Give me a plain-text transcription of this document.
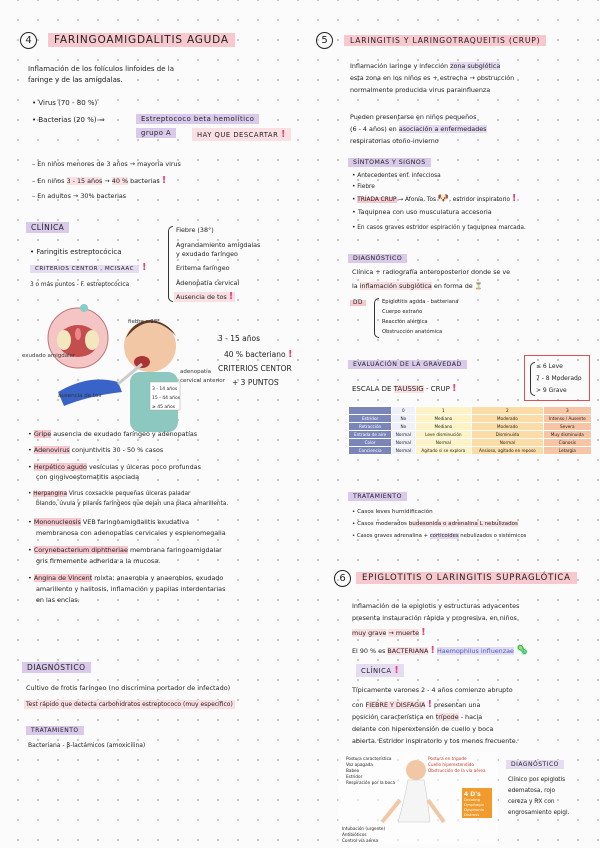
4	FARINGOAMIGDALITIS AGUDA
Inflamación de los folículos linfoides de la
faringe y de las amígdalas.
• Virus (70 - 80 %)
• Bacterias (20 %) ⇒	Estreptococo beta hemolítico
grupo A	HAY QUE DESCARTAR !
– En niños menores de 3 años → mayoría virus
– En niños 3 - 15 años → 40 % bacterias !
– En adultos → 30% bacterias
CLÍNICA
• Faringitis estreptocócica
CRITERIOS CENTOR , MCISAAC !
3 o más puntos - F. estreptocócica
Fiebre (38°)
Agrandamiento amígdalas
y exudado faríngeo
Eritema faríngeo
Adenopatía cervical
Ausencia de tos !
fiebre >38°
exudado amigdalar
adenopatía cervical anterior
ausencia de tos
3 - 14 años
15 - 44 años
≥ 45 años
3 - 15 años
40 % bacteriano !
CRITERIOS CENTOR
+ 3 PUNTOS
• Gripe ausencia de exudado faríngeo y adenopatías
• Adenovirus conjuntivitis 30 - 50 % casos
• Herpético agudo vesículas y úlceras poco profundas
con gingivoestomatitis asociada
• Herpangina Virus coxsackie pequeñas úlceras paladar
blando, úvula y pilares faríngeos que dejan una placa amarillenta.
• Mononucleosis VEB faringoamigdalitis exudativa
membranosa con adenopatías cervicales y esplenomegalia
• Corynebacterium diphtheriae membrana faringoamigdalar
gris firmemente adherida a la mucosa.
• Angina de Vincent mixta; anaerobia y anaerobios, exudado
amarillento y halitosis, inflamación y papilas interdentarias
en las encías.
DIAGNÓSTICO
Cultivo de frotis faríngeo (no discrimina portador de infectado)
Test rápido que detecta carbohidratos estreptococo (muy específico)
TRATAMIENTO
Bacteriana - β-lactámicos (amoxicilina)
5	LARINGITIS Y LARINGOTRAQUEITIS (CRUP)
Inflamación laringe y infección zona subglótica
esta zona en los niños es + estrecha → obstrucción
normalmente producida virus parainfluenza
Pueden presentarse en niños pequeños
(6 - 4 años) en asociación a enfermedades
respiratorias otoño-invierno
SÍNTOMAS Y SIGNOS
• Antecedentes enf. infecciosa
• Fiebre
• TRÍADA CRUP → Afonía, Tos 🐶, estridor inspiratorio !
• Taquipnea con uso musculatura accesoria
• En casos graves estridor espiración y taquipnea marcada.
DIAGNÓSTICO
Clínica + radiografía anteroposterior donde se ve
la inflamación subglótica en forma de ⏳
DD	Epiglotitis aguda - bacteriana
Cuerpo extraño
Reacción alérgica
Obstrucción anatómica
EVALUACIÓN DE LA GRAVEDAD
ESCALA DE TAUSSIG - CRUP !
≤ 6 Leve
7 - 8 Moderado
> 9 Grave
	0	1	2	3
Estridor	No	Mediano	Moderado	Intenso / Ausente
Retracción	No	Mediano	Moderado	Severa
Entrada de aire	Normal	Leve disminución	Disminuida	Muy disminuida
Color	Normal	Normal	Normal	Cianosis
Conciencia	Normal	Agitado si se explora	Ansioso, agitado en reposo	Letargia
TRATAMIENTO
• Casos leves humidificación
• Casos moderados budesonida o adrenalina L nebulizados
• Casos graves adrenalina + corticoides nebulizados o sistémicos
6	EPIGLOTITIS O LARINGITIS SUPRAGLÓTICA
Inflamación de la epiglotis y estructuras adyacentes
presenta instauración rápida y progresiva, en niños
muy grave → muerte !
El 90 % es BACTERIANA ! Haemophilus influenzae 🦠
CLÍNICA !
Típicamente varones 2 - 4 años comienzo abrupto
con FIEBRE Y DISFAGIA ! presentan una
posición característica en trípode - hacia
delante con hiperextensión de cuello y boca
abierta. Estridor inspiratorio y tos menos frecuente.
Postura característica
Voz apagada
Babeo
Estridor
Respiración por la boca
Postura en trípode
Cuello hiperextendido
Obstrucción de la vía aérea
4 D's
Drooling
Dysphagia
Dysphonia
Distress
Intubación (urgente)
Antibióticos
Control vía aérea
DIAGNÓSTICO
Clínico por epiglotis
edematosa, rojo
cereza y RX con
engrosamiento epigl.
